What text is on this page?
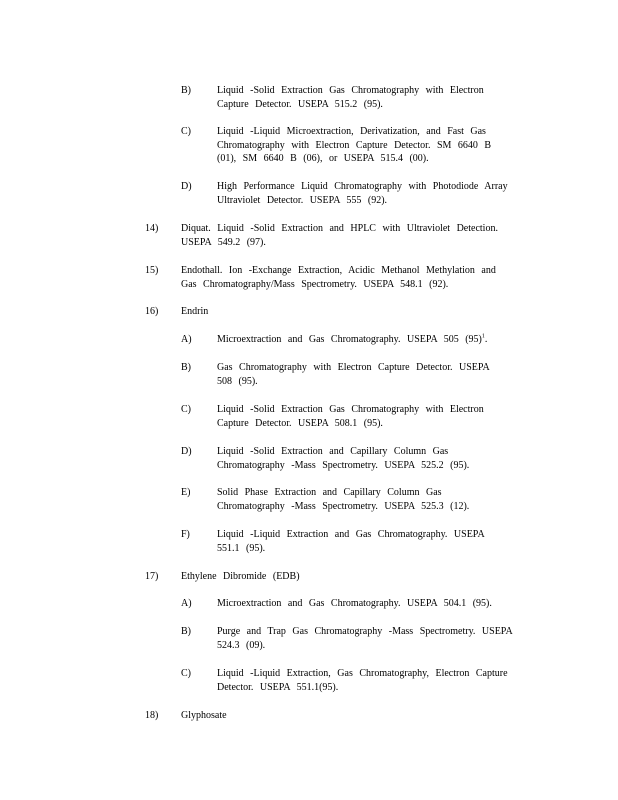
B)	Liquid -Solid Extraction Gas Chromatography with Electron
Capture Detector. USEPA 515.2 (95).
C)	Liquid -Liquid Microextraction, Derivatization, and Fast Gas
Chromatography with Electron Capture Detector. SM 6640 B
(01), SM 6640 B (06), or USEPA 515.4 (00).
D)	High Performance Liquid Chromatography with Photodiode Array
Ultraviolet Detector. USEPA 555 (92).
14) Diquat. Liquid -Solid Extraction and HPLC with Ultraviolet Detection.
USEPA 549.2 (97).
15) Endothall. Ion -Exchange Extraction, Acidic Methanol Methylation and
Gas Chromatography/Mass Spectrometry. USEPA 548.1 (92).
16) Endrin
A)	Microextraction and Gas Chromatography. USEPA 505 $(95)^1$.
B)	Gas Chromatography with Electron Capture Detector. USEPA
508 (95).
C)	Liquid -Solid Extraction Gas Chromatography with Electron
Capture Detector. USEPA 508.1 (95).
D)	Liquid -Solid Extraction and Capillary Column Gas
Chromatography -Mass Spectrometry. USEPA 525.2 (95).
E)	Solid Phase Extraction and Capillary Column Gas
Chromatography -Mass Spectrometry. USEPA 525.3 (12).
F)	Liquid -Liquid Extraction and Gas Chromatography. USEPA
551.1 (95).
17) Ethylene Dibromide (EDB)
A)	Microextraction and Gas Chromatography. USEPA 504.1 (95).
B)	Purge and Trap Gas Chromatography -Mass Spectrometry. USEPA
524.3 (09).
C)	Liquid -Liquid Extraction, Gas Chromatography, Electron Capture
Detector. USEPA 551.1(95).
18) Glyphosate
